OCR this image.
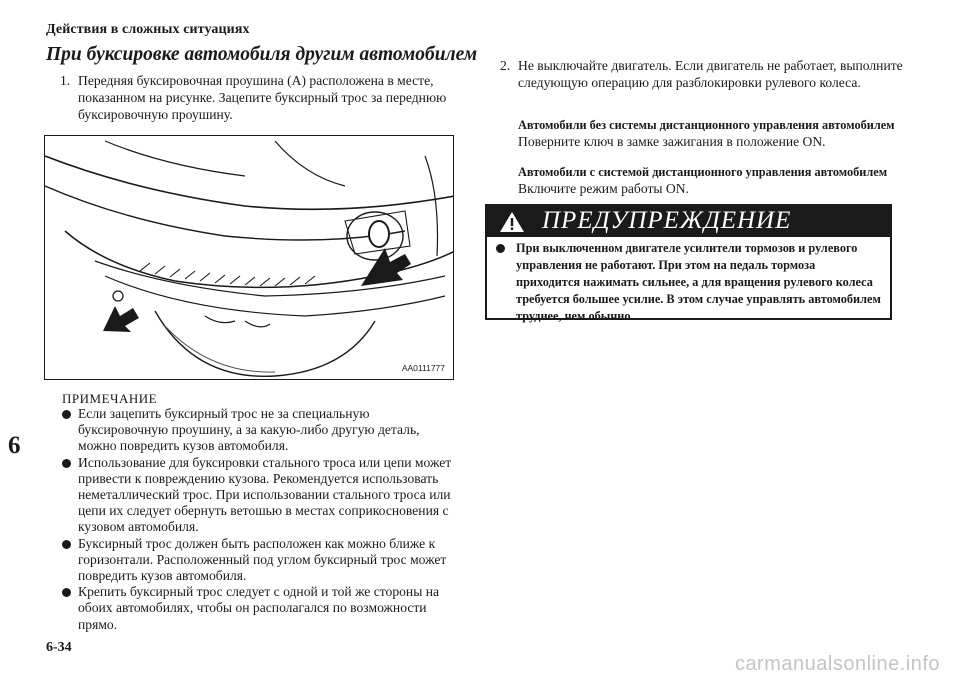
Действия в сложных ситуациях
При буксировке автомобиля другим автомобилем
1. Передняя буксировочная проушина (A) расположена в месте, показанном на рисунке. Зацепите буксирный трос за переднюю буксировочную проушину.
AA0111777
ПРИМЕЧАНИЕ
Если зацепить буксирный трос не за специальную буксировочную проушину, а за какую-либо другую деталь, можно повредить кузов автомобиля.
Использование для буксировки стального троса или цепи может привести к повреждению кузова. Рекомендуется использовать неметаллический трос. При использовании стального троса или цепи их следует обернуть ветошью в местах соприкосновения с кузовом автомобиля.
Буксирный трос должен быть расположен как можно ближе к горизонтали. Расположенный под углом буксирный трос может повредить кузов автомобиля.
Крепить буксирный трос следует с одной и той же стороны на обоих автомобилях, чтобы он располагался по возможности прямо.
2. Не выключайте двигатель. Если двигатель не работает, выполните следующую операцию для разблокировки рулевого колеса.
Автомобили без системы дистанционного управления автомобилем
Поверните ключ в замке зажигания в положение ON.
Автомобили с системой дистанционного управления автомобилем
Включите режим работы ON.
ПРЕДУПРЕЖДЕНИЕ
При выключенном двигателе усилители тормозов и рулевого управления не работают. При этом на педаль тормоза приходится нажимать сильнее, а для вращения рулевого колеса требуется большее усилие. В этом случае управлять автомобилем труднее, чем обычно.
6
6-34
carmanualsonline.info
